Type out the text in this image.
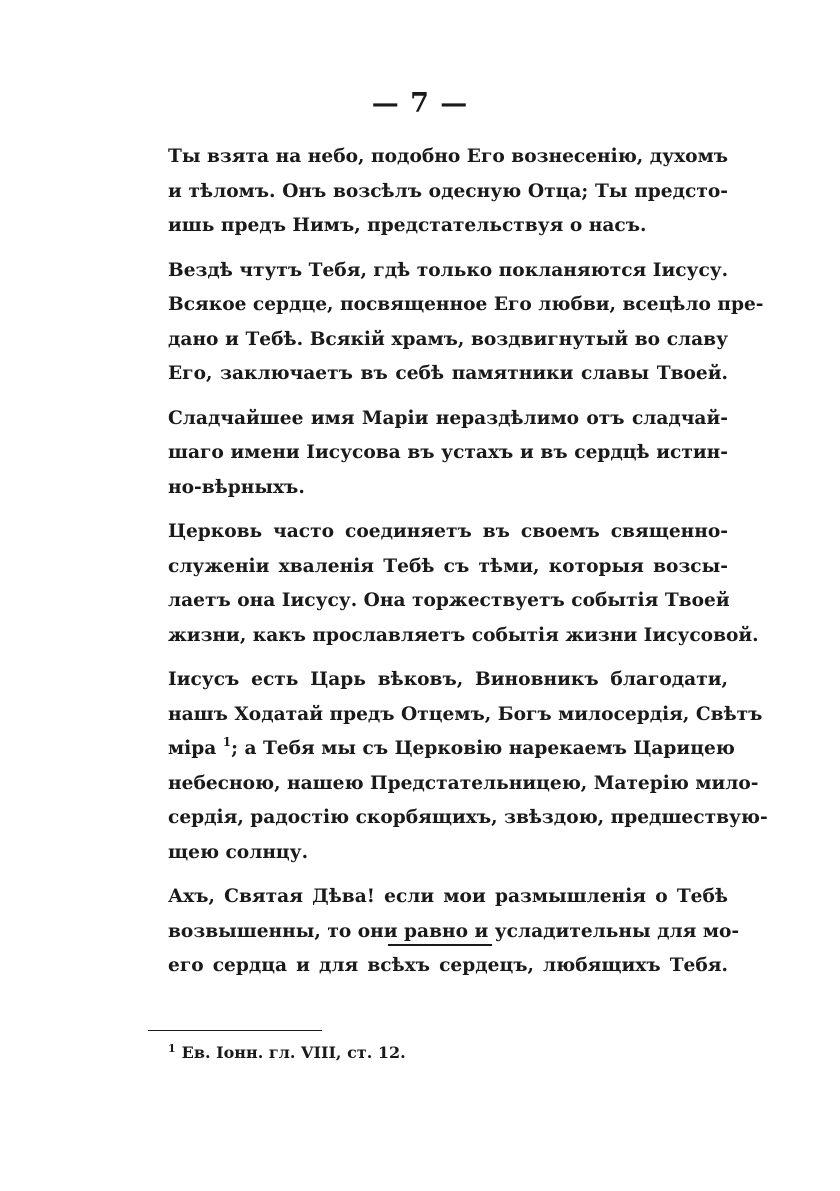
— 7 —

Ты взята на небо, подобно Его вознесенію, духомъ
и тѣломъ. Онъ возсѣлъ одесную Отца; Ты предсто-
ишь предъ Нимъ, предстательствуя о насъ.

Вездѣ чтутъ Тебя, гдѣ только покланяются Іисусу.
Всякое сердце, посвященное Его любви, всецѣло пре-
дано и Тебѣ. Всякій храмъ, воздвигнутый во славу
Его, заключаетъ въ себѣ памятники славы Твоей.

Сладчайшее имя Маріи нераздѣлимо отъ сладчай-
шаго имени Іисусова въ устахъ и въ сердцѣ истин-
но-вѣрныхъ.

Церковь часто соединяетъ въ своемъ священно-
служеніи хваленія Тебѣ съ тѣми, которыя возсы-
лаетъ она Іисусу. Она торжествуетъ событія Твоей
жизни, какъ прославляетъ событія жизни Іисусовой.

Іисусъ есть Царь вѣковъ, Виновникъ благодати,
нашъ Ходатай предъ Отцемъ, Богъ милосердія, Свѣтъ
міра $^1$; а Тебя мы съ Церковію нарекаемъ Царицею
небесною, нашею Предстательницею, Матерію мило-
сердія, радостію скорбящихъ, звѣздою, предшествую-
щею солнцу.

Ахъ, Святая Дѣва! если мои размышленія о Тебѣ
возвышенны, то они равно и усладительны для мо-
его сердца и для всѣхъ сердецъ, любящихъ Тебя.

$^1$ Ев. Іонн. гл. VIII, ст. 12.
